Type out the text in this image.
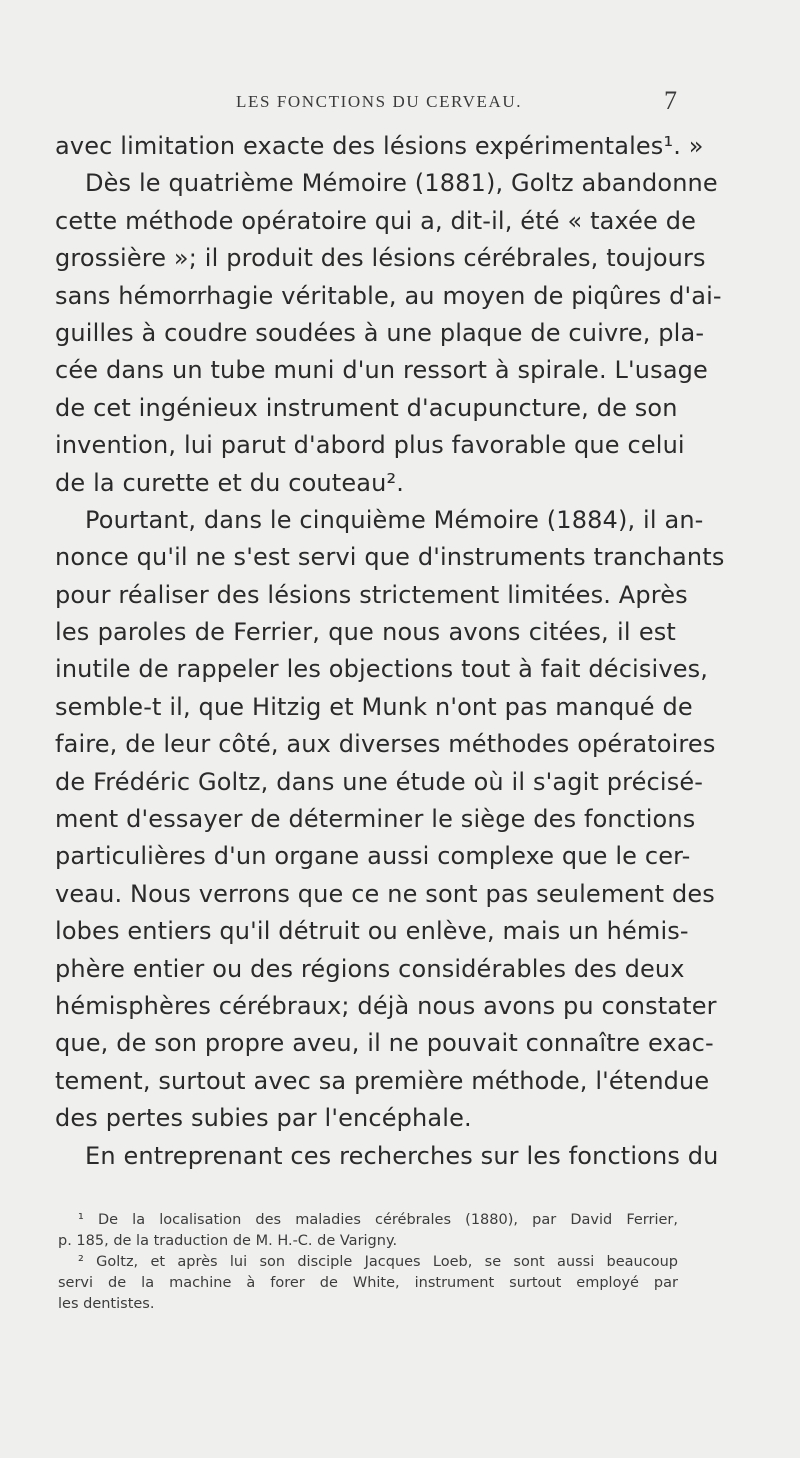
LES FONCTIONS DU CERVEAU.	7
avec limitation exacte des lésions expérimentales¹. »
Dès le quatrième Mémoire (1881), Goltz abandonne
cette méthode opératoire qui a, dit-il, été « taxée de
grossière »; il produit des lésions cérébrales, toujours
sans hémorrhagie véritable, au moyen de piqûres d'ai-
guilles à coudre soudées à une plaque de cuivre, pla-
cée dans un tube muni d'un ressort à spirale. L'usage
de cet ingénieux instrument d'acupuncture, de son
invention, lui parut d'abord plus favorable que celui
de la curette et du couteau².
Pourtant, dans le cinquième Mémoire (1884), il an-
nonce qu'il ne s'est servi que d'instruments tranchants
pour réaliser des lésions strictement limitées. Après
les paroles de Ferrier, que nous avons citées, il est
inutile de rappeler les objections tout à fait décisives,
semble-t il, que Hitzig et Munk n'ont pas manqué de
faire, de leur côté, aux diverses méthodes opératoires
de Frédéric Goltz, dans une étude où il s'agit précisé-
ment d'essayer de déterminer le siège des fonctions
particulières d'un organe aussi complexe que le cer-
veau. Nous verrons que ce ne sont pas seulement des
lobes entiers qu'il détruit ou enlève, mais un hémis-
phère entier ou des régions considérables des deux
hémisphères cérébraux; déjà nous avons pu constater
que, de son propre aveu, il ne pouvait connaître exac-
tement, surtout avec sa première méthode, l'étendue
des pertes subies par l'encéphale.
En entreprenant ces recherches sur les fonctions du
¹ De la localisation des maladies cérébrales (1880), par David Ferrier,
p. 185, de la traduction de M. H.-C. de Varigny.
² Goltz, et après lui son disciple Jacques Loeb, se sont aussi beaucoup
servi de la machine à forer de White, instrument surtout employé par
les dentistes.
